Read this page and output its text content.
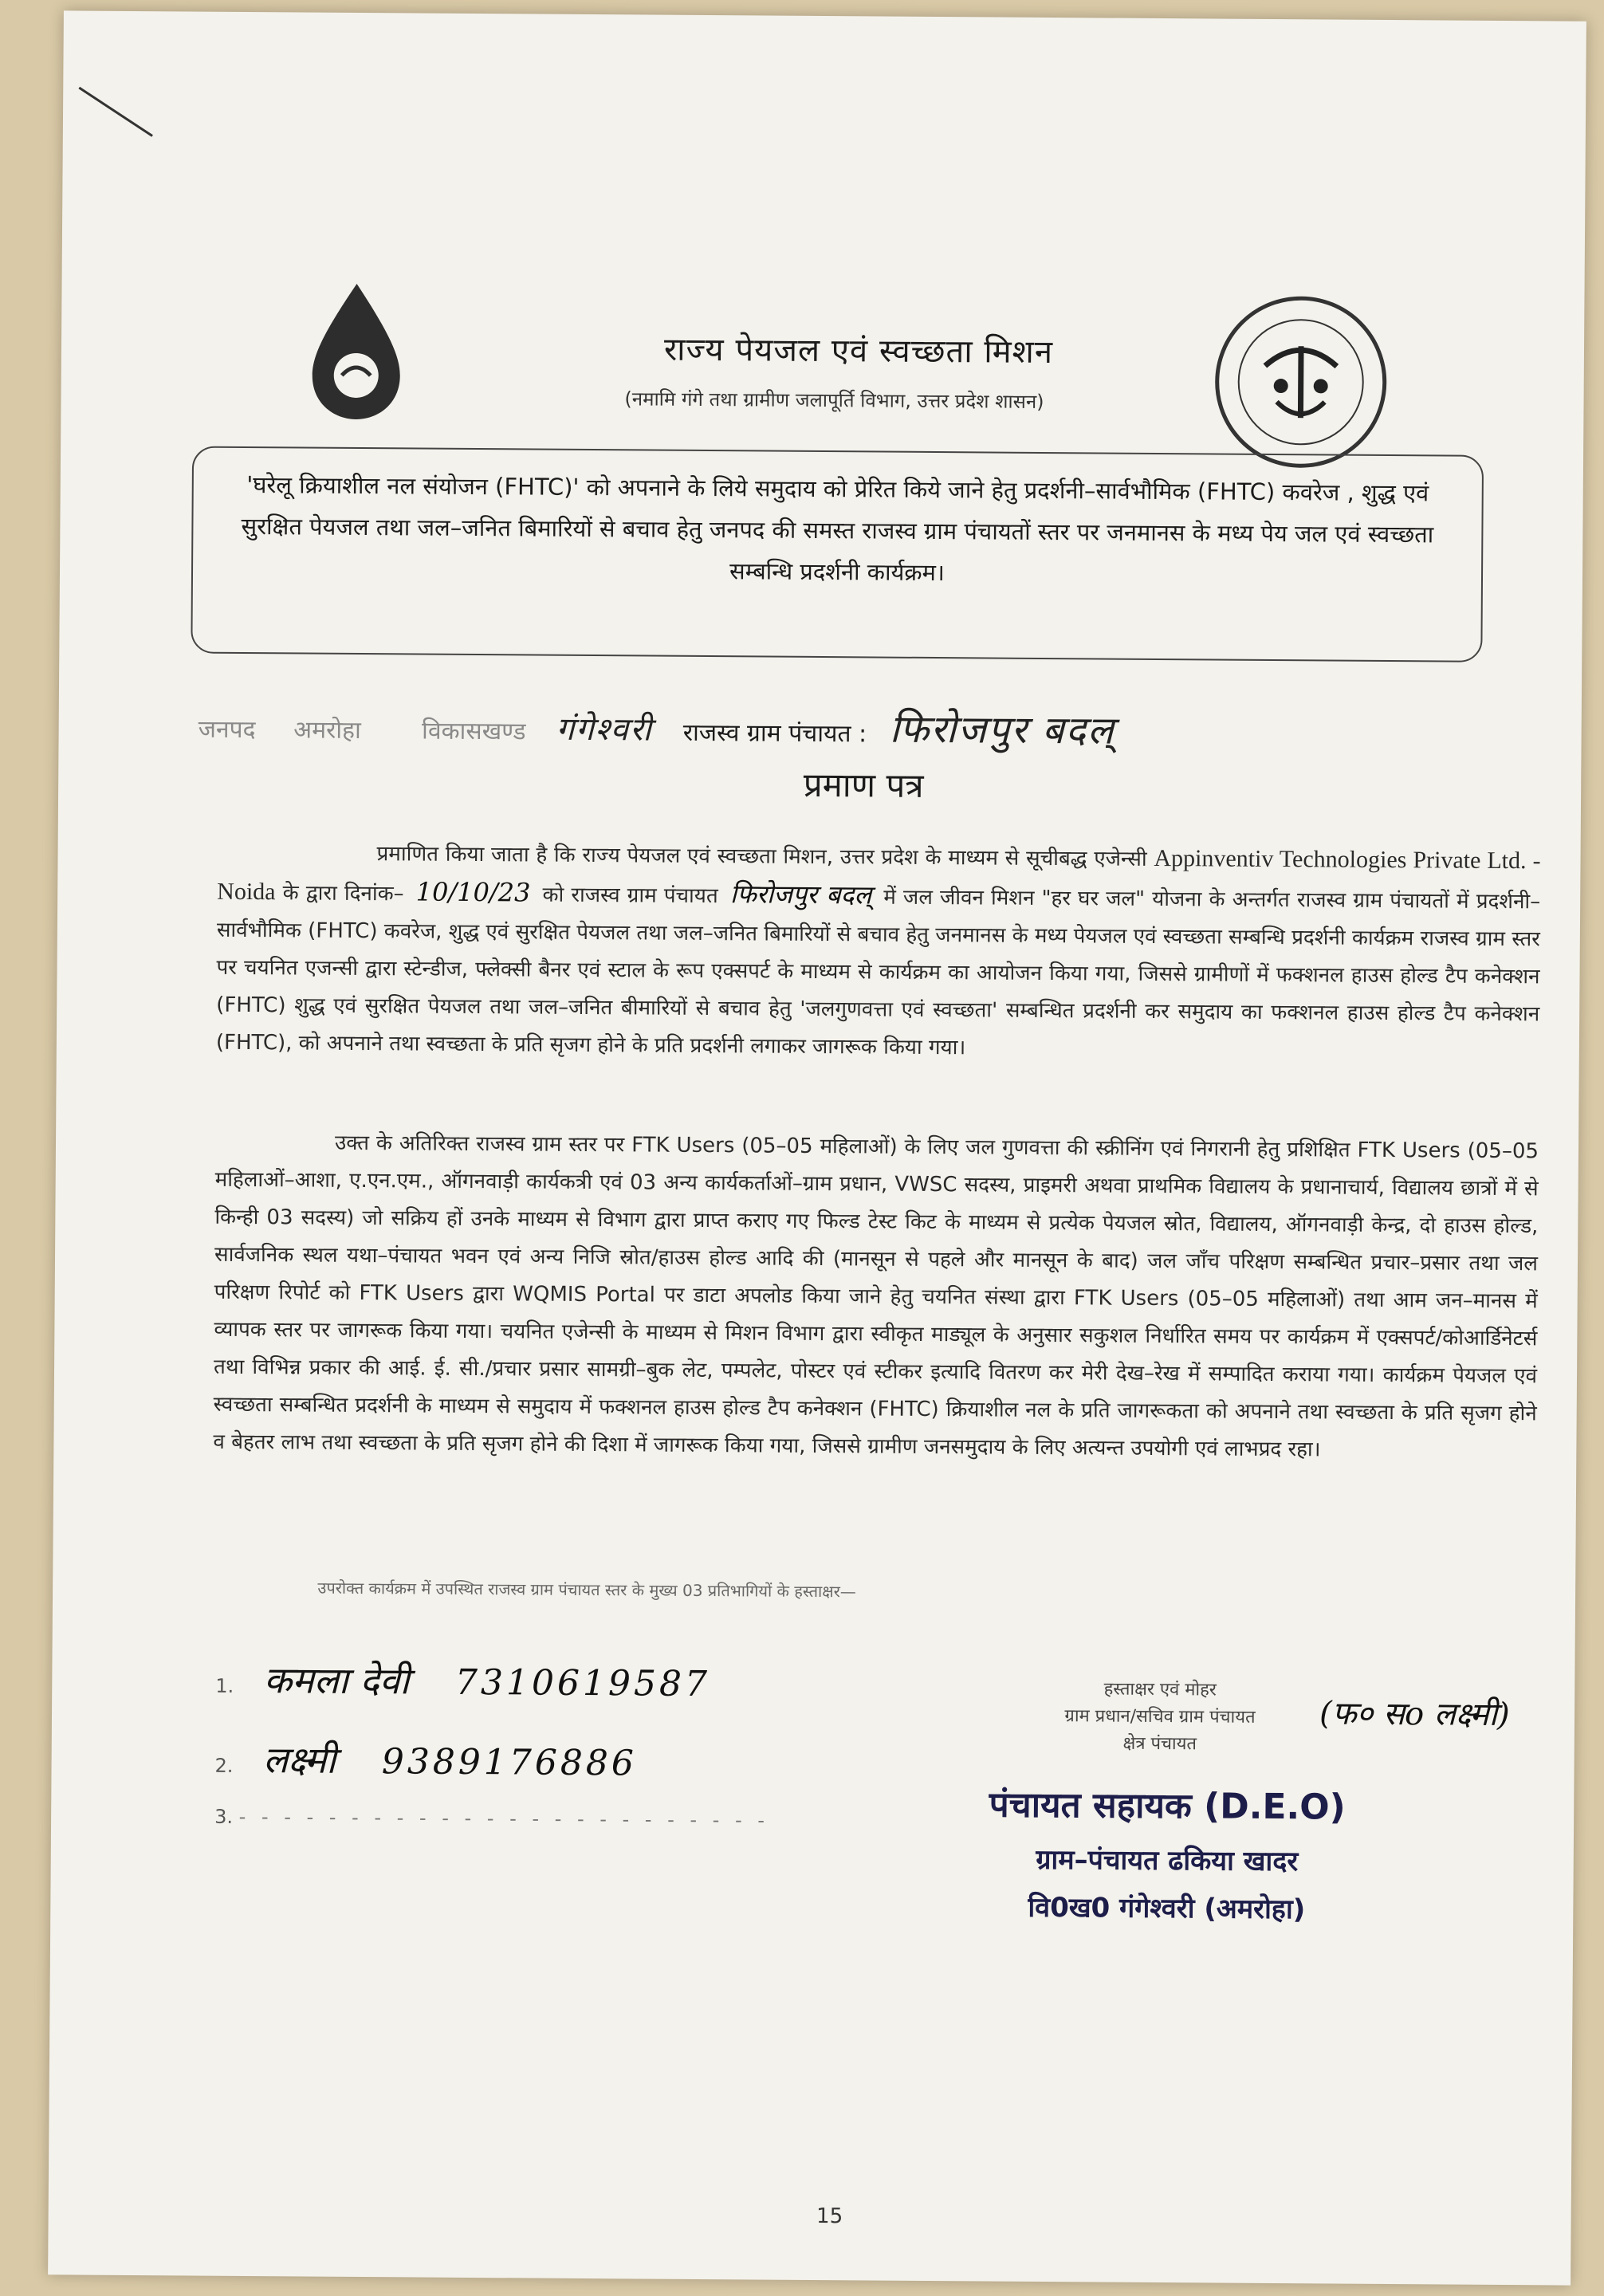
राज्य पेयजल एवं स्वच्छता मिशन
(नमामि गंगे तथा ग्रामीण जलापूर्ति विभाग, उत्तर प्रदेश शासन)
'घरेलू क्रियाशील नल संयोजन (FHTC)' को अपनाने के लिये समुदाय को प्रेरित किये जाने हेतु प्रदर्शनी–सार्वभौमिक (FHTC) कवरेज , शुद्ध एवं सुरक्षित पेयजल तथा जल–जनित बिमारियों से बचाव हेतु जनपद की समस्त राजस्व ग्राम पंचायतों स्तर पर जनमानस के मध्य पेय जल एवं स्वच्छता सम्बन्धि प्रदर्शनी कार्यक्रम।
जनपद अमरोहा	विकासखण्ड गंगेश्वरी राजस्व ग्राम पंचायत : फिरोजपुर बदल्
प्रमाण पत्र
प्रमाणित किया जाता है कि राज्य पेयजल एवं स्वच्छता मिशन, उत्तर प्रदेश के माध्यम से सूचीबद्ध एजेन्सी Appinventiv Technologies Private Ltd. - Noida के द्वारा दिनांक– 10/10/23 को राजस्व ग्राम पंचायत फिरोजपुर बदल् में जल जीवन मिशन "हर घर जल" योजना के अन्तर्गत राजस्व ग्राम पंचायतों में प्रदर्शनी–सार्वभौमिक (FHTC) कवरेज, शुद्ध एवं सुरक्षित पेयजल तथा जल–जनित बिमारियों से बचाव हेतु जनमानस के मध्य पेयजल एवं स्वच्छता सम्बन्धि प्रदर्शनी कार्यक्रम राजस्व ग्राम स्तर पर चयनित एजन्सी द्वारा स्टेन्डीज, फ्लेक्सी बैनर एवं स्टाल के रूप एक्सपर्ट के माध्यम से कार्यक्रम का आयोजन किया गया, जिससे ग्रामीणों में फक्शनल हाउस होल्ड टैप कनेक्शन (FHTC) शुद्ध एवं सुरक्षित पेयजल तथा जल–जनित बीमारियों से बचाव हेतु 'जलगुणवत्ता एवं स्वच्छता' सम्बन्धित प्रदर्शनी कर समुदाय का फक्शनल हाउस होल्ड टैप कनेक्शन (FHTC), को अपनाने तथा स्वच्छता के प्रति सृजग होने के प्रति प्रदर्शनी लगाकर जागरूक किया गया।
उक्त के अतिरिक्त राजस्व ग्राम स्तर पर FTK Users (05–05 महिलाओं) के लिए जल गुणवत्ता की स्क्रीनिंग एवं निगरानी हेतु प्रशिक्षित FTK Users (05–05 महिलाओं–आशा, ए.एन.एम., ऑगनवाड़ी कार्यकत्री एवं 03 अन्य कार्यकर्ताओं–ग्राम प्रधान, VWSC सदस्य, प्राइमरी अथवा प्राथमिक विद्यालय के प्रधानाचार्य, विद्यालय छात्रों में से किन्ही 03 सदस्य) जो सक्रिय हों उनके माध्यम से विभाग द्वारा प्राप्त कराए गए फिल्ड टेस्ट किट के माध्यम से प्रत्येक पेयजल स्रोत, विद्यालय, ऑगनवाड़ी केन्द्र, दो हाउस होल्ड, सार्वजनिक स्थल यथा–पंचायत भवन एवं अन्य निजि स्रोत/हाउस होल्ड आदि की (मानसून से पहले और मानसून के बाद) जल जाँच परिक्षण सम्बन्धित प्रचार–प्रसार तथा जल परिक्षण रिपोर्ट को FTK Users द्वारा WQMIS Portal पर डाटा अपलोड किया जाने हेतु चयनित संस्था द्वारा FTK Users (05–05 महिलाओं) तथा आम जन–मानस में व्यापक स्तर पर जागरूक किया गया। चयनित एजेन्सी के माध्यम से मिशन विभाग द्वारा स्वीकृत माड्यूल के अनुसार सकुशल निर्धारित समय पर कार्यक्रम में एक्सपर्ट/कोआर्डिनेटर्स तथा विभिन्न प्रकार की आई. ई. सी./प्रचार प्रसार सामग्री–बुक लेट, पम्पलेट, पोस्टर एवं स्टीकर इत्यादि वितरण कर मेरी देख–रेख में सम्पादित कराया गया। कार्यक्रम पेयजल एवं स्वच्छता सम्बन्धित प्रदर्शनी के माध्यम से समुदाय में फक्शनल हाउस होल्ड टैप कनेक्शन (FHTC) क्रियाशील नल के प्रति जागरूकता को अपनाने तथा स्वच्छता के प्रति सृजग होने व बेहतर लाभ तथा स्वच्छता के प्रति सृजग होने की दिशा में जागरूक किया गया, जिससे ग्रामीण जनसमुदाय के लिए अत्यन्त उपयोगी एवं लाभप्रद रहा।
उपरोक्त कार्यक्रम में उपस्थित राजस्व ग्राम पंचायत स्तर के मुख्य 03 प्रतिभागियों के हस्ताक्षर—
1. कमला देवी 7310619587
2. लक्ष्मी 9389176886
3. - - - - - - - - - - - - - - - - - - - - - - - -
हस्ताक्षर एवं मोहर
ग्राम प्रधान/सचिव ग्राम पंचायत
क्षेत्र पंचायत
(फ० सo लक्ष्मी)
पंचायत सहायक (D.E.O)
ग्राम–पंचायत ढकिया खादर
वि0ख0 गंगेश्वरी (अमरोहा)
15
